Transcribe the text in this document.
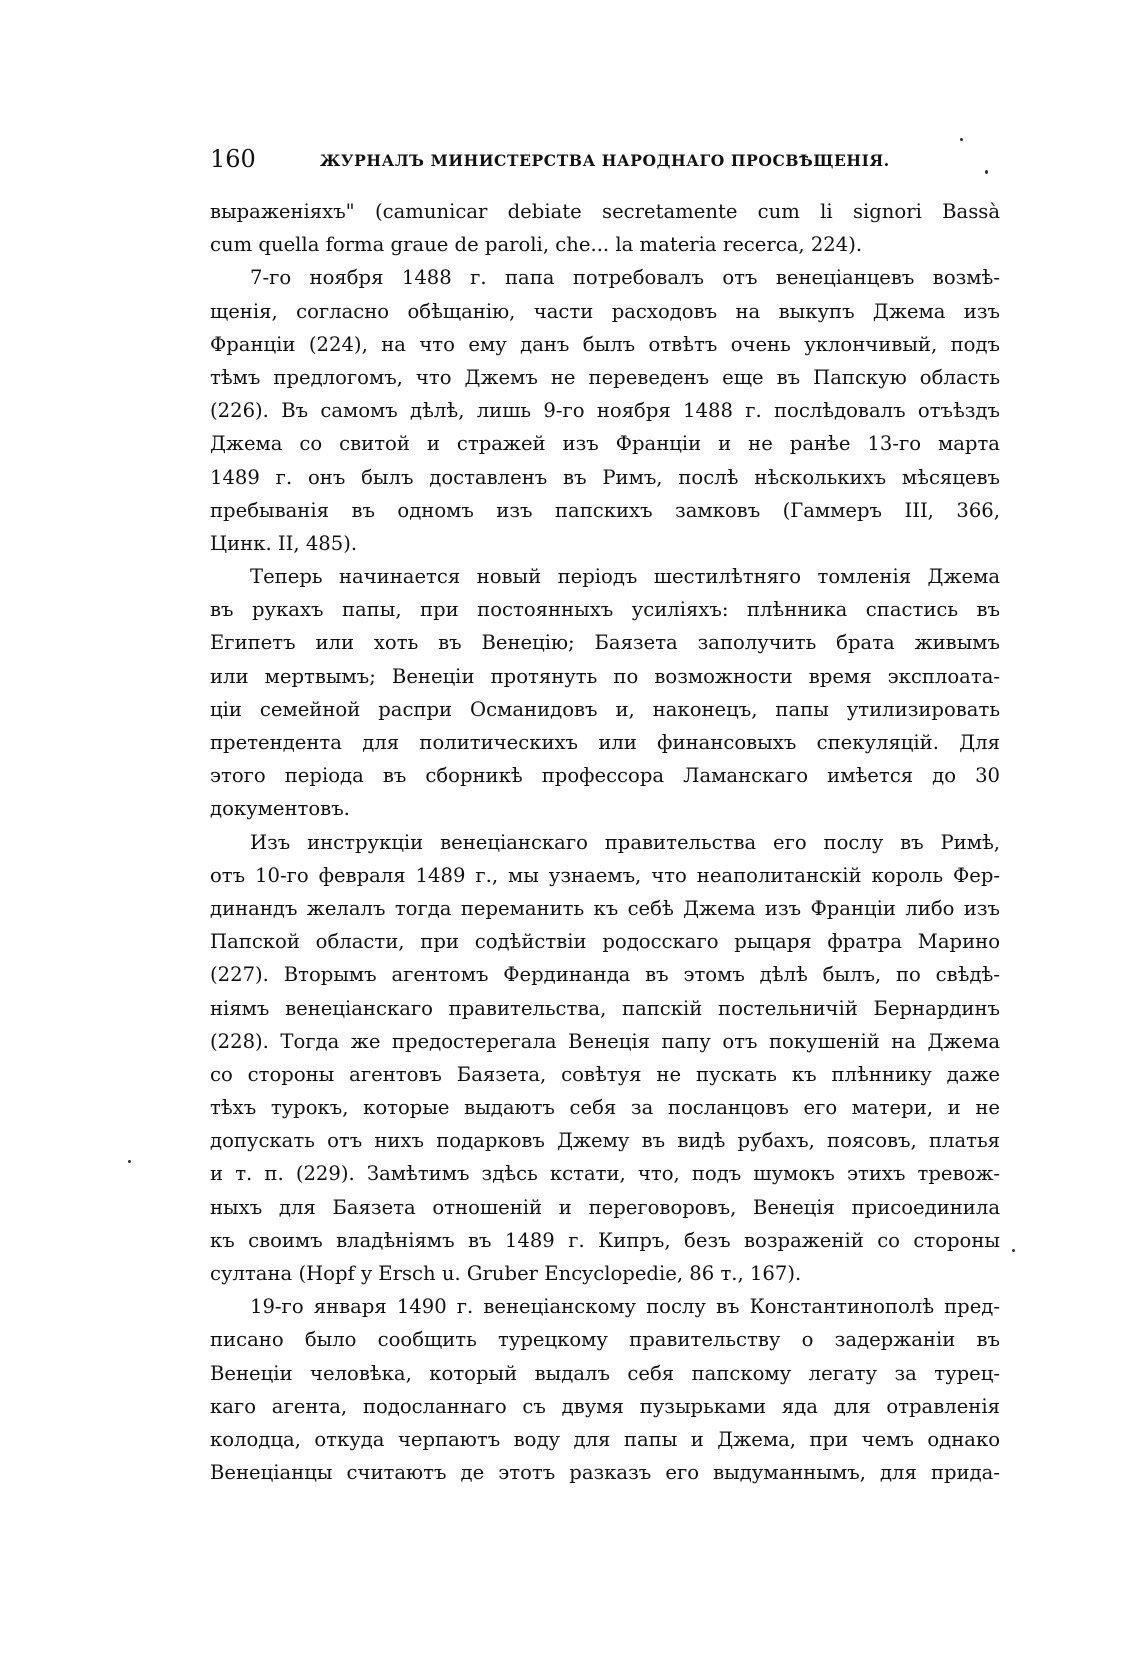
160	ЖУРНАЛЪ МИНИСТЕРСТВА НАРОДНАГО ПРОСВѢЩЕНІЯ.
выраженіяхъ" (camunicar debiate secretamente cum li signori Bassà
cum quella forma graue de paroli, che... la materia recerca, 224).
7-го ноября 1488 г. папа потребовалъ отъ венеціанцевъ возмѣ-
щенія, согласно обѣщанію, части расходовъ на выкупъ Джема изъ
Франціи (224), на что ему данъ былъ отвѣтъ очень уклончивый, подъ
тѣмъ предлогомъ, что Джемъ не переведенъ еще въ Папскую область
(226). Въ самомъ дѣлѣ, лишь 9-го ноября 1488 г. послѣдовалъ отъѣздъ
Джема со свитой и стражей изъ Франціи и не ранѣе 13-го марта
1489 г. онъ былъ доставленъ въ Римъ, послѣ нѣсколькихъ мѣсяцевъ
пребыванія въ одномъ изъ папскихъ замковъ (Гаммеръ III, 366,
Цинк. II, 485).
Теперь начинается новый періодъ шестилѣтняго томленія Джема
въ рукахъ папы, при постоянныхъ усиліяхъ: плѣнника спастись въ
Египетъ или хоть въ Венецію; Баязета заполучить брата живымъ
или мертвымъ; Венеціи протянуть по возможности время эксплоата-
ціи семейной распри Османидовъ и, наконецъ, папы утилизировать
претендента для политическихъ или финансовыхъ спекуляцій. Для
этого періода въ сборникѣ профессора Ламанскаго имѣется до 30
документовъ.
Изъ инструкціи венеціанскаго правительства его послу въ Римѣ,
отъ 10-го февраля 1489 г., мы узнаемъ, что неаполитанскій король Фер-
динандъ желалъ тогда переманить къ себѣ Джема изъ Франціи либо изъ
Папской области, при содѣйствіи родосскаго рыцаря фратра Марино
(227). Вторымъ агентомъ Фердинанда въ этомъ дѣлѣ былъ, по свѣдѣ-
ніямъ венеціанскаго правительства, папскій постельничій Бернардинъ
(228). Тогда же предостерегала Венеція папу отъ покушеній на Джема
со стороны агентовъ Баязета, совѣтуя не пускать къ плѣннику даже
тѣхъ турокъ, которые выдаютъ себя за посланцовъ его матери, и не
допускать отъ нихъ подарковъ Джему въ видѣ рубахъ, поясовъ, платья
и т. п. (229). Замѣтимъ здѣсь кстати, что, подъ шумокъ этихъ тревож-
ныхъ для Баязета отношеній и переговоровъ, Венеція присоединила
къ своимъ владѣніямъ въ 1489 г. Кипръ, безъ возраженій со стороны
султана (Hopf y Ersch u. Gruber Encyclopedie, 86 т., 167).
19-го января 1490 г. венеціанскому послу въ Константинополѣ пред-
писано было сообщить турецкому правительству о задержаніи въ
Венеціи человѣка, который выдалъ себя папскому легату за турец-
каго агента, подосланнаго съ двумя пузырьками яда для отравленія
колодца, откуда черпаютъ воду для папы и Джема, при чемъ однако
Венеціанцы считаютъ де этотъ разказъ его выдуманнымъ, для прида-
